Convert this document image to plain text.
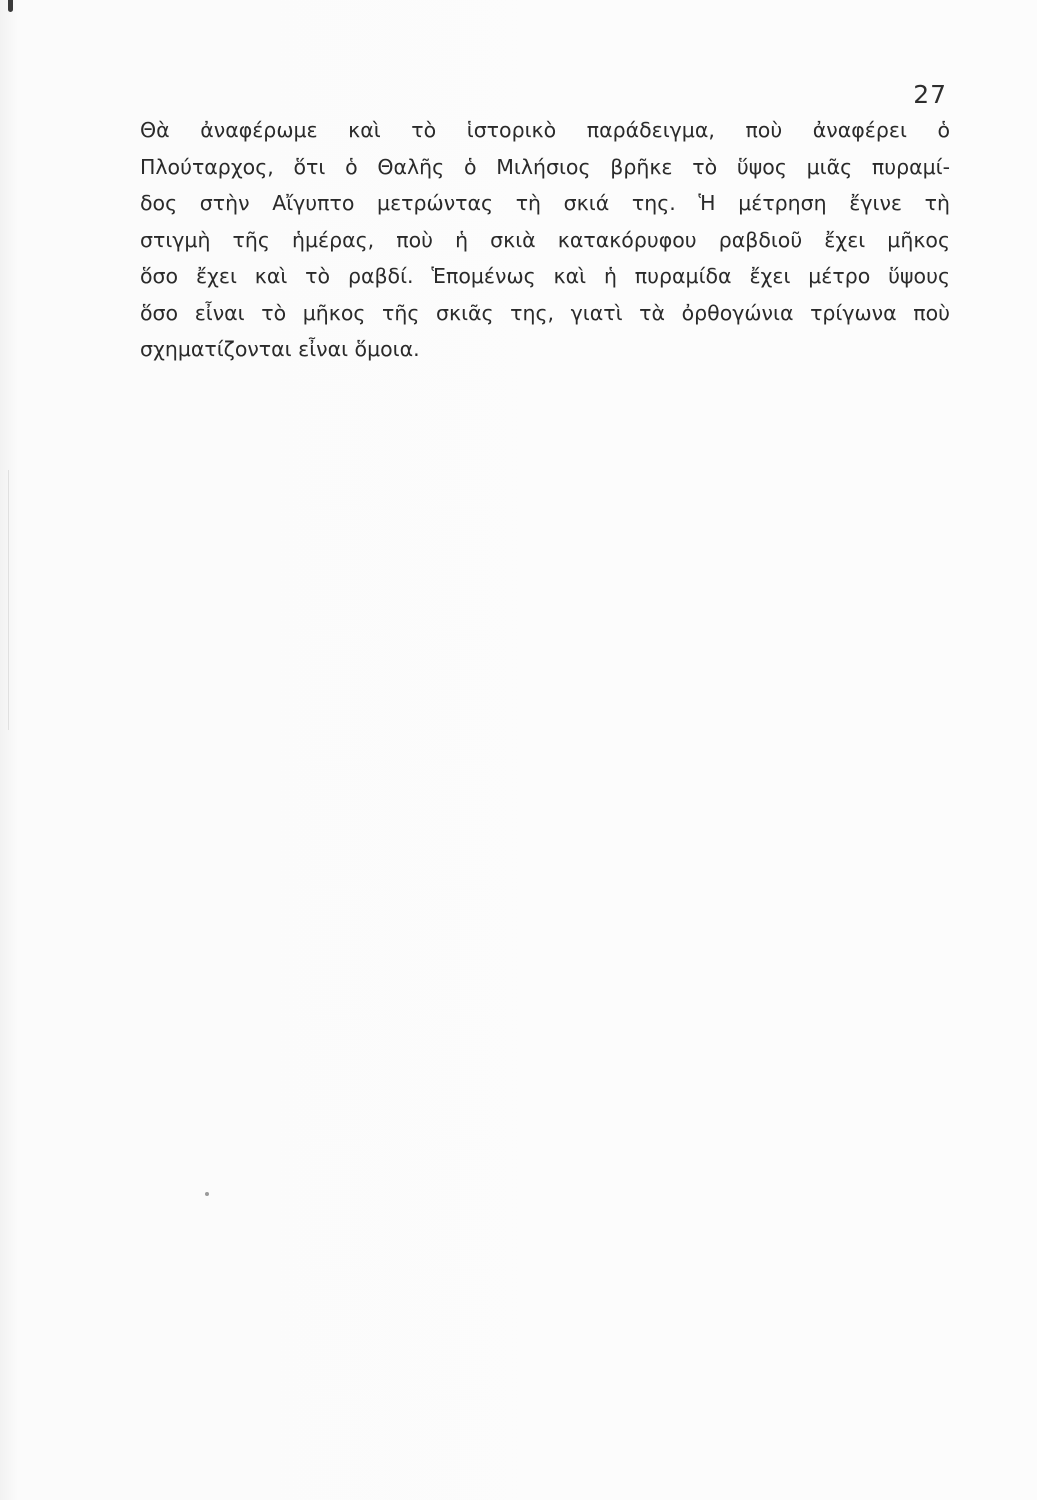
27
Θὰ ἀναφέρωμε καὶ τὸ ἱστορικὸ παράδειγμα, ποὺ ἀναφέρει ὁ
Πλούταρχος, ὅτι ὁ Θαλῆς ὁ Μιλήσιος βρῆκε τὸ ὕψος μιᾶς πυραμί-
δος στὴν Αἴγυπτο μετρώντας τὴ σκιά της. Ἡ μέτρηση ἔγινε τὴ
στιγμὴ τῆς ἡμέρας, ποὺ ἡ σκιὰ κατακόρυφου ραβδιοῦ ἔχει μῆκος
ὅσο ἔχει καὶ τὸ ραβδί. Ἑπομένως καὶ ἡ πυραμίδα ἔχει μέτρο ὕψους
ὅσο εἶναι τὸ μῆκος τῆς σκιᾶς της, γιατὶ τὰ ὀρθογώνια τρίγωνα ποὺ
σχηματίζονται εἶναι ὅμοια.
